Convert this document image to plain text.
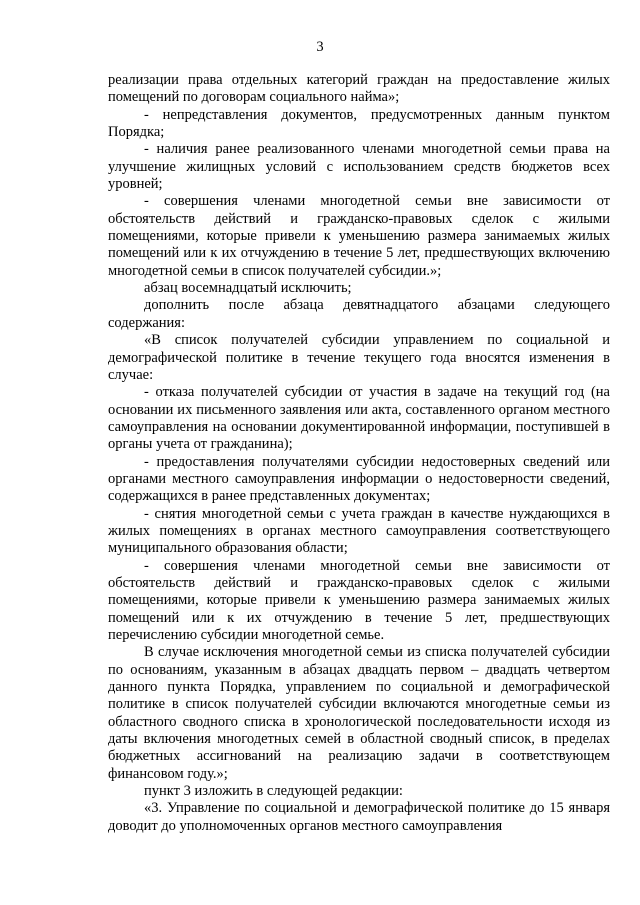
3

реализации права отдельных категорий граждан на предоставление жилых помещений по договорам социального найма»;

- непредставления документов, предусмотренных данным пунктом Порядка;

- наличия ранее реализованного членами многодетной семьи права на улучшение жилищных условий с использованием средств бюджетов всех уровней;

- совершения членами многодетной семьи вне зависимости от обстоятельств действий и гражданско-правовых сделок с жилыми помещениями, которые привели к уменьшению размера занимаемых жилых помещений или к их отчуждению в течение 5 лет, предшествующих включению многодетной семьи в список получателей субсидии.»;

абзац восемнадцатый исключить;

дополнить после абзаца девятнадцатого абзацами следующего содержания:

«В список получателей субсидии управлением по социальной и демографической политике в течение текущего года вносятся изменения в случае:

- отказа получателей субсидии от участия в задаче на текущий год (на основании их письменного заявления или акта, составленного органом местного самоуправления на основании документированной информации, поступившей в органы учета от гражданина);

- предоставления получателями субсидии недостоверных сведений или органами местного самоуправления информации о недостоверности сведений, содержащихся в ранее представленных документах;

- снятия многодетной семьи с учета граждан в качестве нуждающихся в жилых помещениях в органах местного самоуправления соответствующего муниципального образования области;

- совершения членами многодетной семьи вне зависимости от обстоятельств действий и гражданско-правовых сделок с жилыми помещениями, которые привели к уменьшению размера занимаемых жилых помещений или к их отчуждению в течение 5 лет, предшествующих перечислению субсидии многодетной семье.

В случае исключения многодетной семьи из списка получателей субсидии по основаниям, указанным в абзацах двадцать первом – двадцать четвертом данного пункта Порядка, управлением по социальной и демографической политике в список получателей субсидии включаются многодетные семьи из областного сводного списка в хронологической последовательности исходя из даты включения многодетных семей в областной сводный список, в пределах бюджетных ассигнований на реализацию задачи в соответствующем финансовом году.»;

пункт 3 изложить в следующей редакции:

«3. Управление по социальной и демографической политике до 15 января доводит до уполномоченных органов местного самоуправления
